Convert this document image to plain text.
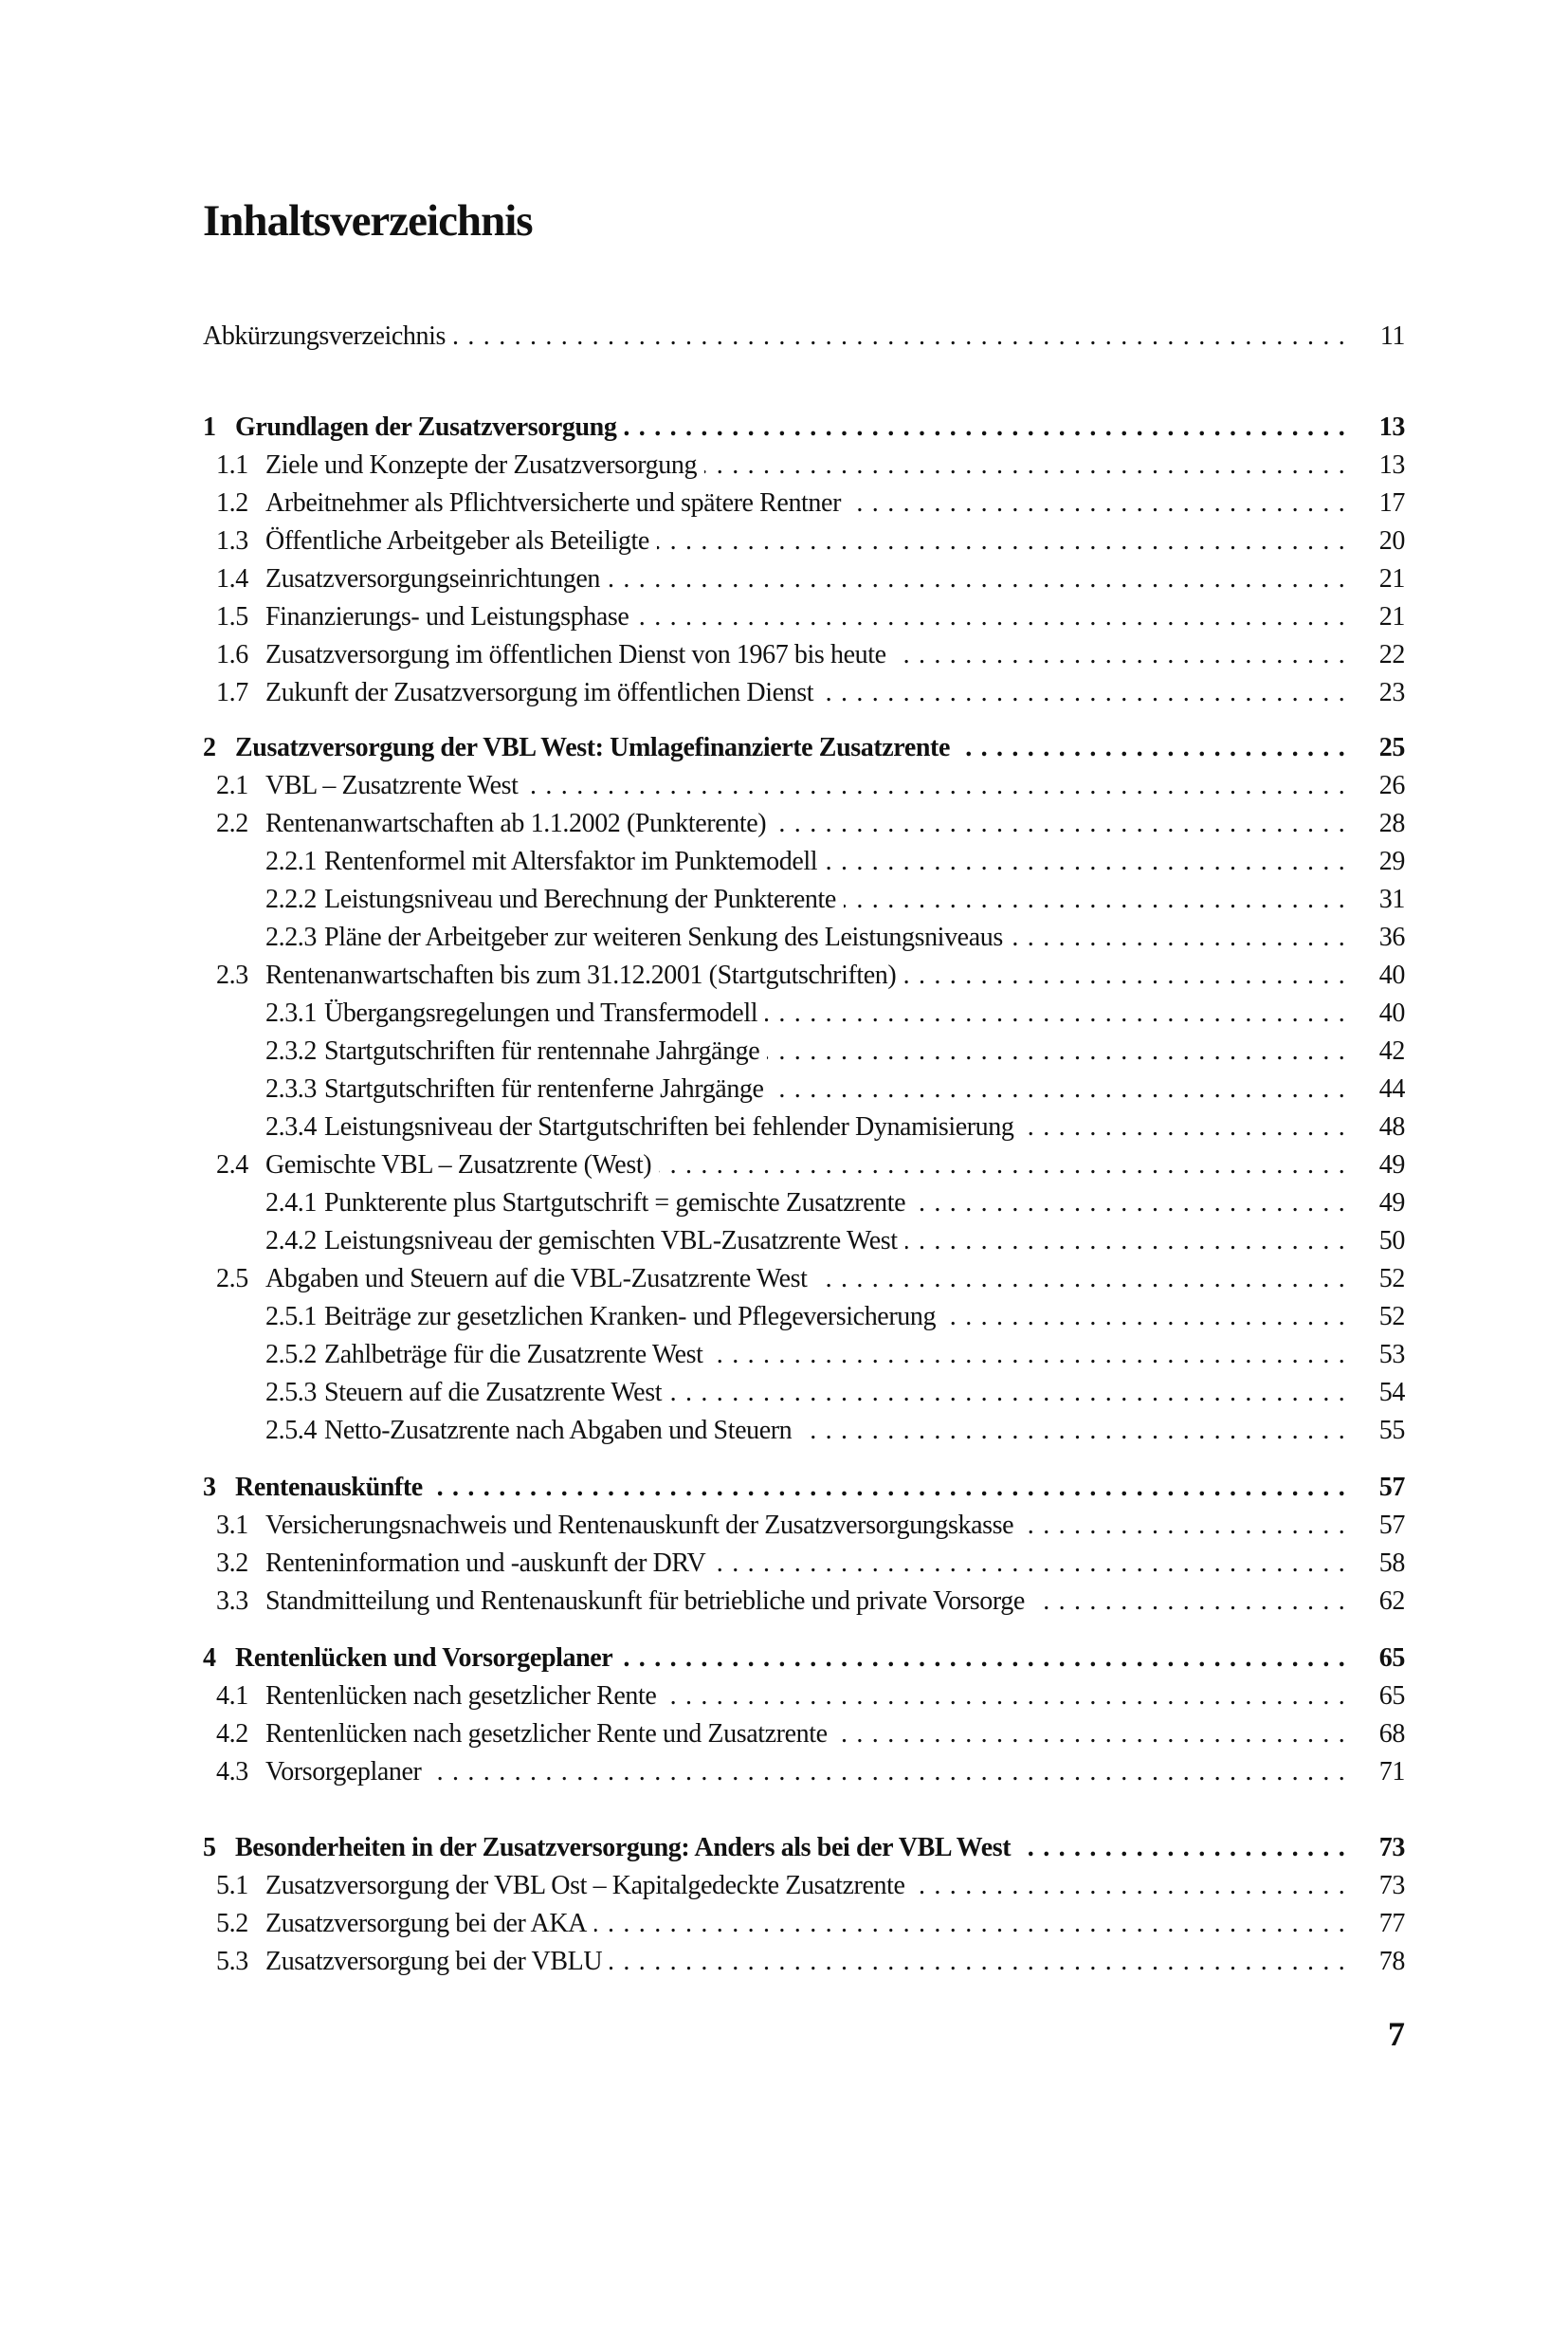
Inhaltsverzeichnis
Abkürzungsverzeichnis . . .	11
1 Grundlagen der Zusatzversorgung . . .	13
1.1 Ziele und Konzepte der Zusatzversorgung . . .	13
1.2 Arbeitnehmer als Pflichtversicherte und spätere Rentner . . .	17
1.3 Öffentliche Arbeitgeber als Beteiligte . . .	20
1.4 Zusatzversorgungseinrichtungen . . .	21
1.5 Finanzierungs- und Leistungsphase . . .	21
1.6 Zusatzversorgung im öffentlichen Dienst von 1967 bis heute . . .	22
1.7 Zukunft der Zusatzversorgung im öffentlichen Dienst . . .	23
2 Zusatzversorgung der VBL West: Umlagefinanzierte Zusatzrente . . .	25
2.1 VBL – Zusatzrente West . . .	26
2.2 Rentenanwartschaften ab 1.1.2002 (Punkterente) . . .	28
2.2.1 Rentenformel mit Altersfaktor im Punktemodell . . .	29
2.2.2 Leistungsniveau und Berechnung der Punkterente . . .	31
2.2.3 Pläne der Arbeitgeber zur weiteren Senkung des Leistungsniveaus . . .	36
2.3 Rentenanwartschaften bis zum 31.12.2001 (Startgutschriften) . . .	40
2.3.1 Übergangsregelungen und Transfermodell . . .	40
2.3.2 Startgutschriften für rentennahe Jahrgänge . . .	42
2.3.3 Startgutschriften für rentenferne Jahrgänge . . .	44
2.3.4 Leistungsniveau der Startgutschriften bei fehlender Dynamisierung . . .	48
2.4 Gemischte VBL – Zusatzrente (West) . . .	49
2.4.1 Punkterente plus Startgutschrift = gemischte Zusatzrente . . .	49
2.4.2 Leistungsniveau der gemischten VBL-Zusatzrente West . . .	50
2.5 Abgaben und Steuern auf die VBL-Zusatzrente West . . .	52
2.5.1 Beiträge zur gesetzlichen Kranken- und Pflegeversicherung . . .	52
2.5.2 Zahlbeträge für die Zusatzrente West . . .	53
2.5.3 Steuern auf die Zusatzrente West . . .	54
2.5.4 Netto-Zusatzrente nach Abgaben und Steuern . . .	55
3 Rentenauskünfte . . .	57
3.1 Versicherungsnachweis und Rentenauskunft der Zusatzversorgungskasse . . .	57
3.2 Renteninformation und -auskunft der DRV . . .	58
3.3 Standmitteilung und Rentenauskunft für betriebliche und private Vorsorge . . .	62
4 Rentenlücken und Vorsorgeplaner . . .	65
4.1 Rentenlücken nach gesetzlicher Rente . . .	65
4.2 Rentenlücken nach gesetzlicher Rente und Zusatzrente . . .	68
4.3 Vorsorgeplaner . . .	71
5 Besonderheiten in der Zusatzversorgung: Anders als bei der VBL West . . .	73
5.1 Zusatzversorgung der VBL Ost – Kapitalgedeckte Zusatzrente . . .	73
5.2 Zusatzversorgung bei der AKA . . .	77
5.3 Zusatzversorgung bei der VBLU . . .	78
7
